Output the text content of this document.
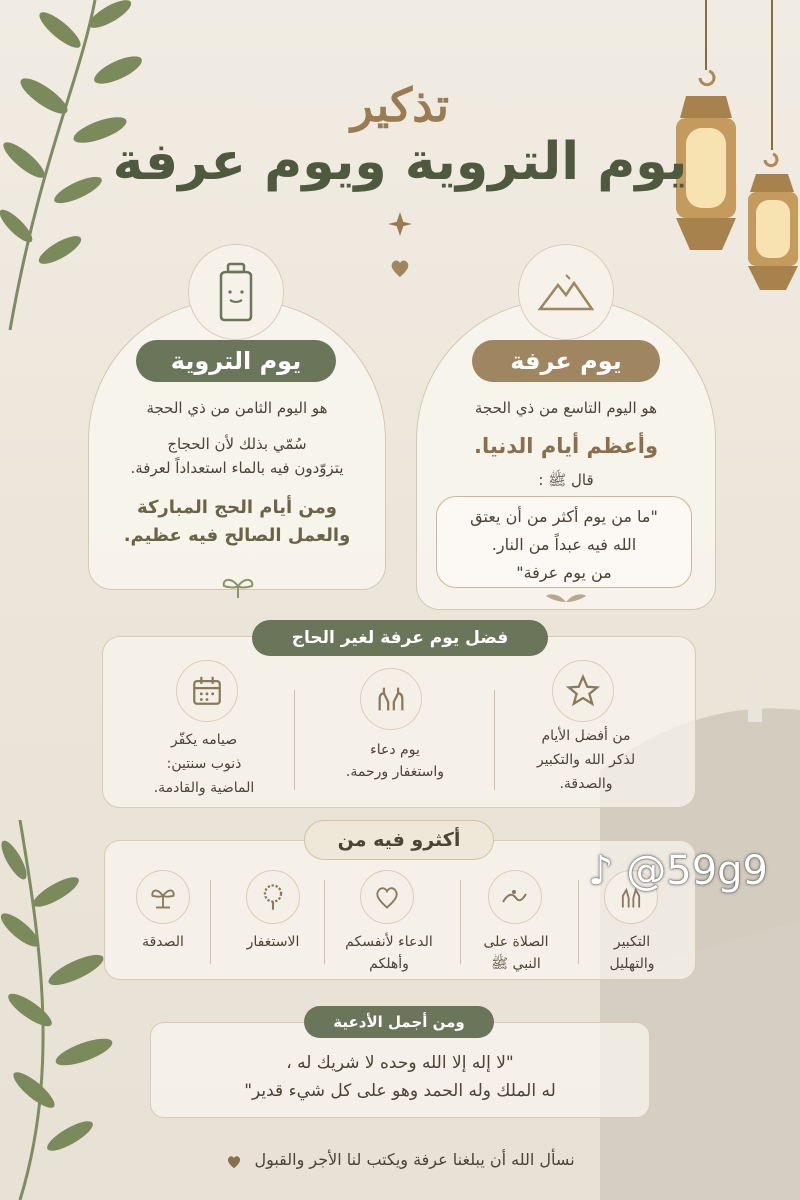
تذكير
يوم التروية ويوم عرفة
يوم عرفة
هو اليوم التاسع من ذي الحجة
وأعظم أيام الدنيا.
قال ﷺ :
"ما من يوم أكثر من أن يعتق
الله فيه عبداً من النار.
من يوم عرفة"
يوم التروية
هو اليوم الثامن من ذي الحجة
سُمّي بذلك لأن الحجاج
يتزوّدون فيه بالماء استعداداً لعرفة.
ومن أيام الحج المباركة
والعمل الصالح فيه عظيم.
فضل يوم عرفة لغير الحاج
من أفضل الأيام
لذكر الله والتكبير
والصدقة.
يوم دعاء
واستغفار ورحمة.
صيامه يكفّر
ذنوب سنتين:
الماضية والقادمة.
أكثرو فيه من
التكبير
والتهليل
الصلاة على
النبي ﷺ
الدعاء لأنفسكم
وأهلكم
الاستغفار
الصدقة
ومن أجمل الأدعية
"لا إله إلا الله وحده لا شريك له ،
له الملك وله الحمد وهو على كل شيء قدير"
نسأل الله أن يبلغنا عرفة ويكتب لنا الأجر والقبول
♪ @59g9
